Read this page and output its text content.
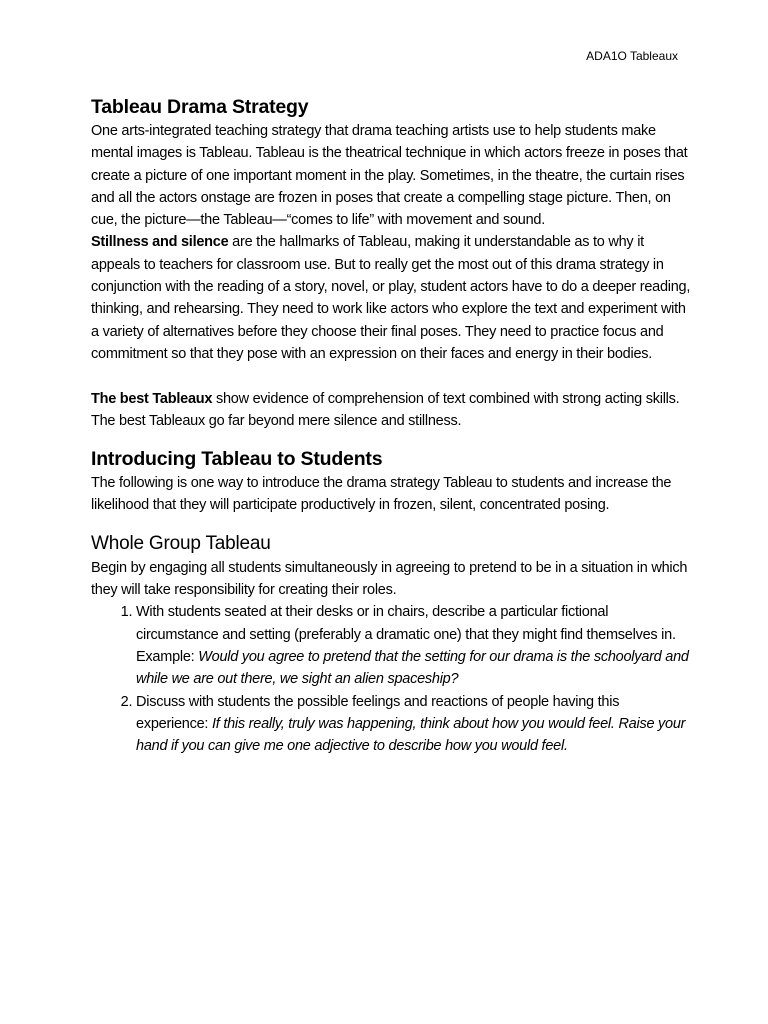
ADA1O Tableaux
Tableau Drama Strategy

One arts-integrated teaching strategy that drama teaching artists use to help students make mental images is Tableau. Tableau is the theatrical technique in which actors freeze in poses that create a picture of one important moment in the play. Sometimes, in the theatre, the curtain rises and all the actors onstage are frozen in poses that create a compelling stage picture. Then, on cue, the picture—the Tableau—“comes to life” with movement and sound.

Stillness and silence are the hallmarks of Tableau, making it understandable as to why it appeals to teachers for classroom use. But to really get the most out of this drama strategy in conjunction with the reading of a story, novel, or play, student actors have to do a deeper reading, thinking, and rehearsing. They need to work like actors who explore the text and experiment with a variety of alternatives before they choose their final poses. They need to practice focus and commitment so that they pose with an expression on their faces and energy in their bodies.

The best Tableaux show evidence of comprehension of text combined with strong acting skills. The best Tableaux go far beyond mere silence and stillness.

Introducing Tableau to Students

The following is one way to introduce the drama strategy Tableau to students and increase the likelihood that they will participate productively in frozen, silent, concentrated posing.

Whole Group Tableau

Begin by engaging all students simultaneously in agreeing to pretend to be in a situation in which they will take responsibility for creating their roles.

1. With students seated at their desks or in chairs, describe a particular fictional circumstance and setting (preferably a dramatic one) that they might find themselves in.
Example: Would you agree to pretend that the setting for our drama is the schoolyard and while we are out there, we sight an alien spaceship?
2. Discuss with students the possible feelings and reactions of people having this experience: If this really, truly was happening, think about how you would feel. Raise your hand if you can give me one adjective to describe how you would feel.
